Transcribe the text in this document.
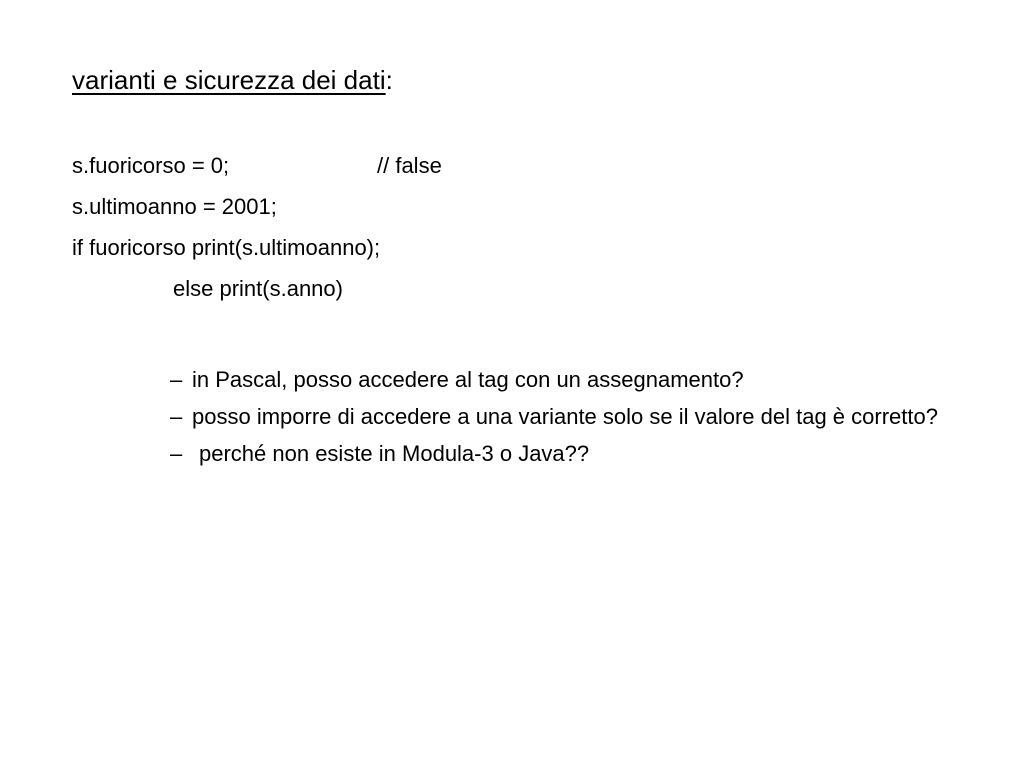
varianti e sicurezza dei dati:
s.fuoricorso = 0;	// false
s.ultimoanno = 2001;
if fuoricorso print(s.ultimoanno);
else print(s.anno)
– in Pascal, posso accedere al tag con un assegnamento?
– posso imporre di accedere a una variante solo se il valore del tag è corretto?
– perché non esiste in Modula-3 o Java??
